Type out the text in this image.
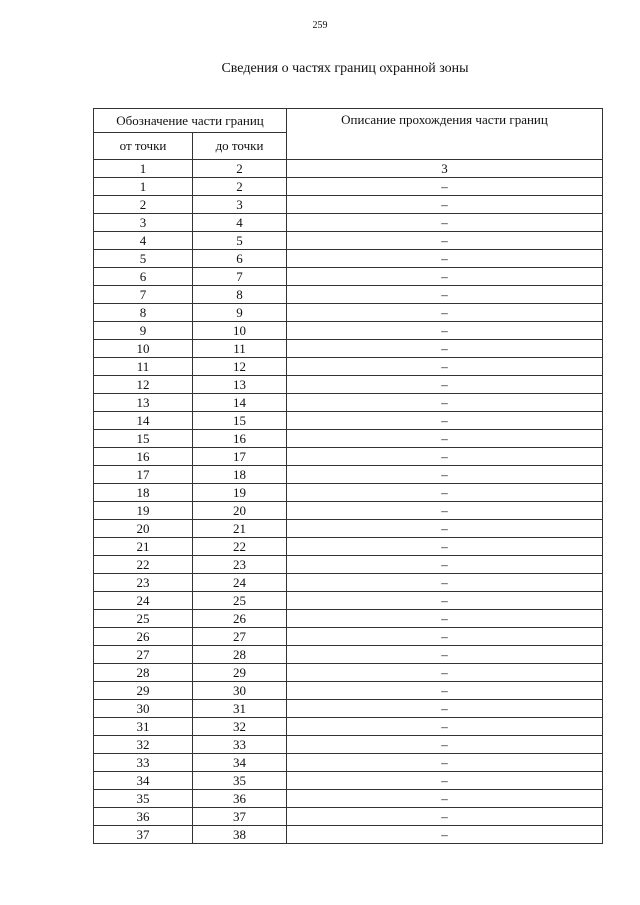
259
Сведения о частях границ охранной зоны
Обозначение части границ		Описание прохождения части границ
от точки	до точки	
1	2	3
1	2	–
2	3	–
3	4	–
4	5	–
5	6	–
6	7	–
7	8	–
8	9	–
9	10	–
10	11	–
11	12	–
12	13	–
13	14	–
14	15	–
15	16	–
16	17	–
17	18	–
18	19	–
19	20	–
20	21	–
21	22	–
22	23	–
23	24	–
24	25	–
25	26	–
26	27	–
27	28	–
28	29	–
29	30	–
30	31	–
31	32	–
32	33	–
33	34	–
34	35	–
35	36	–
36	37	–
37	38	–
